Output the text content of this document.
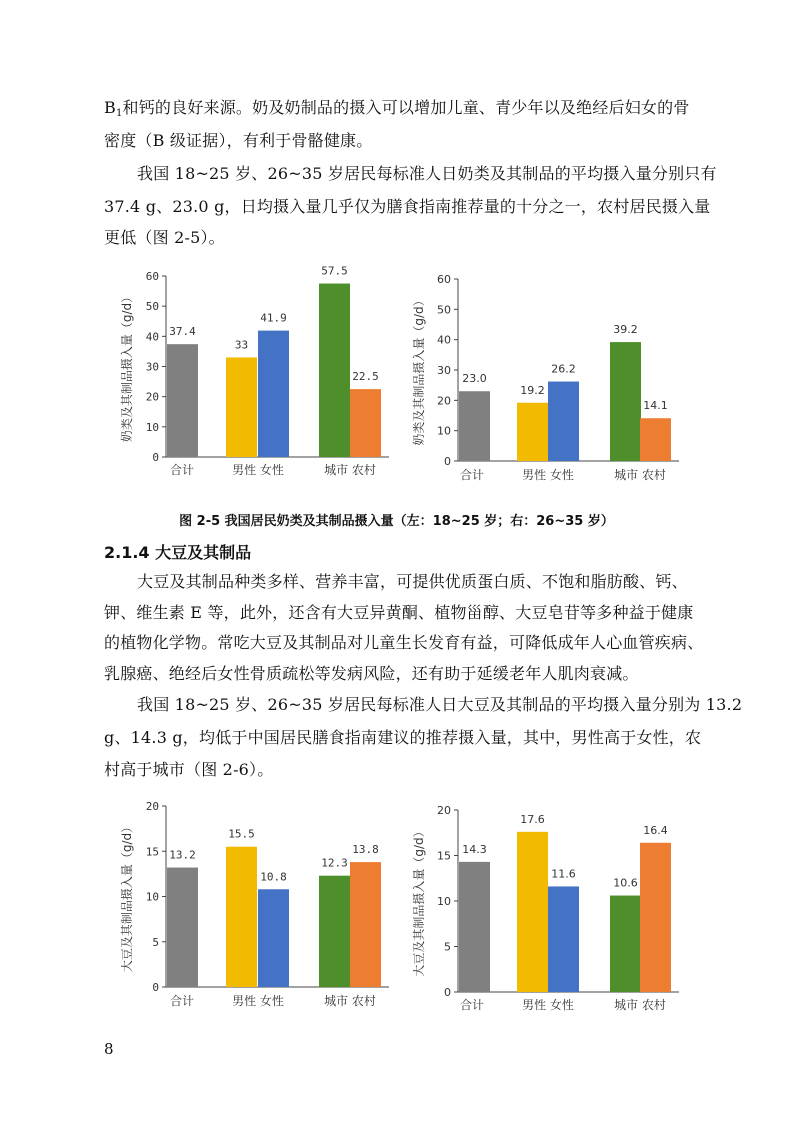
$B_1$和钙的良好来源。奶及奶制品的摄入可以增加儿童、青少年以及绝经后妇女的骨
密度（B 级证据），有利于骨骼健康。
我国 18~25 岁、26~35 岁居民每标准人日奶类及其制品的平均摄入量分别只有
37.4 g、23.0 g，日均摄入量几乎仅为膳食指南推荐量的十分之一，农村居民摄入量
更低（图 2-5）。
0
10
20
30
40
50
60
奶类及其制品摄入量（g/d）	37.4
33
41.9
57.5
22.5
合计	男性 女性	城市 农村
0
10
20
30
40
50
60
奶类及其制品摄入量（g/d）	23.0
19.2
26.2
39.2
14.1
合计	男性 女性	城市 农村
图 2-5 我国居民奶类及其制品摄入量（左：18~25 岁；右：26~35 岁）
2.1.4 大豆及其制品
大豆及其制品种类多样、营养丰富，可提供优质蛋白质、不饱和脂肪酸、钙、
钾、维生素 E 等，此外，还含有大豆异黄酮、植物甾醇、大豆皂苷等多种益于健康
的植物化学物。常吃大豆及其制品对儿童生长发育有益，可降低成年人心血管疾病、
乳腺癌、绝经后女性骨质疏松等发病风险，还有助于延缓老年人肌肉衰减。
我国 18~25 岁、26~35 岁居民每标准人日大豆及其制品的平均摄入量分别为 13.2
g、14.3 g，均低于中国居民膳食指南建议的推荐摄入量，其中，男性高于女性，农
村高于城市（图 2-6）。
0
5
10
15
20
大豆及其制品摄入量（g/d）	13.2
15.5
10.8
12.3
13.8
合计	男性 女性	城市 农村
0
5
10
15
20
大豆及其制品摄入量（g/d）	14.3
17.6
11.6
10.6
16.4
合计	男性 女性	城市 农村
8
